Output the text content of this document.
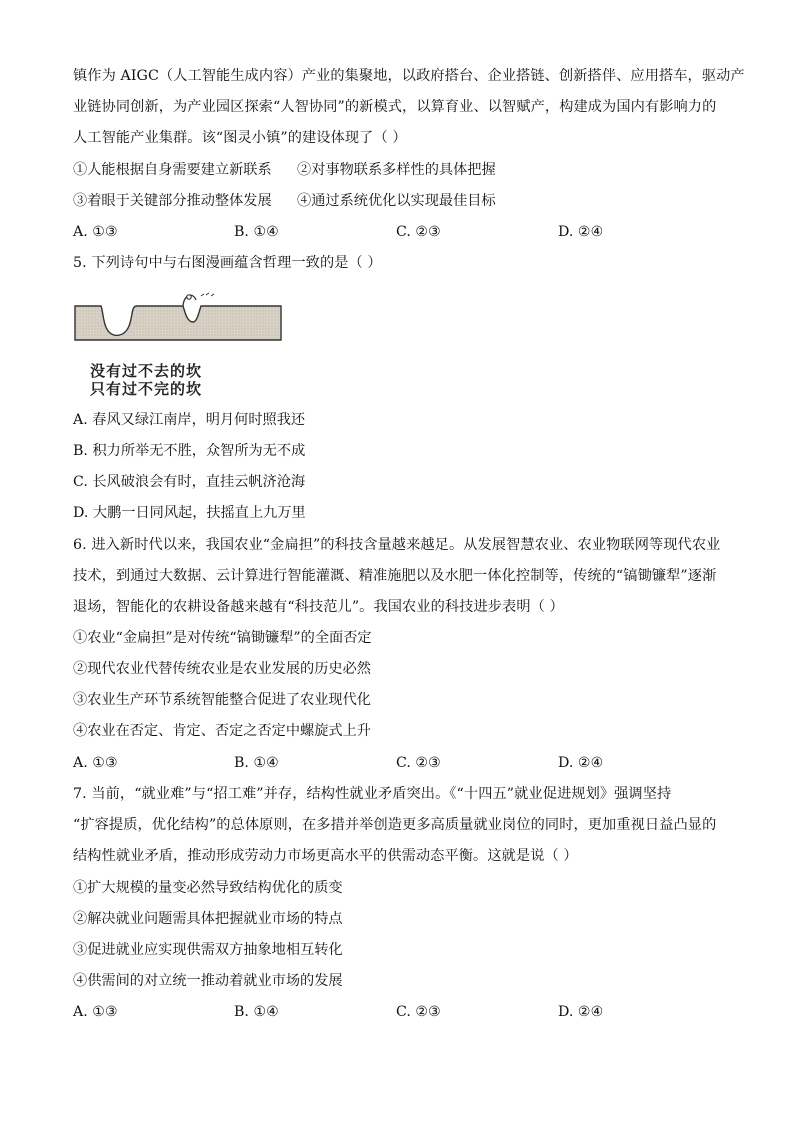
镇作为 AIGC（人工智能生成内容）产业的集聚地，以政府搭台、企业搭链、创新搭伴、应用搭车，驱动产
业链协同创新，为产业园区探索“人智协同”的新模式，以算育业、以智赋产，构建成为国内有影响力的
人工智能产业集群。该“图灵小镇”的建设体现了（ ）
①人能根据自身需要建立新联系 ②对事物联系多样性的具体把握
③着眼于关键部分推动整体发展 ④通过系统优化以实现最佳目标
A. ①③	B. ①④	C. ②③	D. ②④
5. 下列诗句中与右图漫画蕴含哲理一致的是（ ）
没有过不去的坎
只有过不完的坎
A. 春风又绿江南岸，明月何时照我还
B. 积力所举无不胜，众智所为无不成
C. 长风破浪会有时，直挂云帆济沧海
D. 大鹏一日同风起，扶摇直上九万里
6. 进入新时代以来，我国农业“金扁担”的科技含量越来越足。从发展智慧农业、农业物联网等现代农业
技术，到通过大数据、云计算进行智能灌溉、精准施肥以及水肥一体化控制等，传统的“镐锄镰犁”逐渐
退场，智能化的农耕设备越来越有“科技范儿”。我国农业的科技进步表明（ ）
①农业“金扁担”是对传统“镐锄镰犁”的全面否定
②现代农业代替传统农业是农业发展的历史必然
③农业生产环节系统智能整合促进了农业现代化
④农业在否定、肯定、否定之否定中螺旋式上升
A. ①③	B. ①④	C. ②③	D. ②④
7. 当前，“就业难”与“招工难”并存，结构性就业矛盾突出。《“十四五”就业促进规划》强调坚持
“扩容提质，优化结构”的总体原则，在多措并举创造更多高质量就业岗位的同时，更加重视日益凸显的
结构性就业矛盾，推动形成劳动力市场更高水平的供需动态平衡。这就是说（ ）
①扩大规模的量变必然导致结构优化的质变
②解决就业问题需具体把握就业市场的特点
③促进就业应实现供需双方抽象地相互转化
④供需间的对立统一推动着就业市场的发展
A. ①③	B. ①④	C. ②③	D. ②④
